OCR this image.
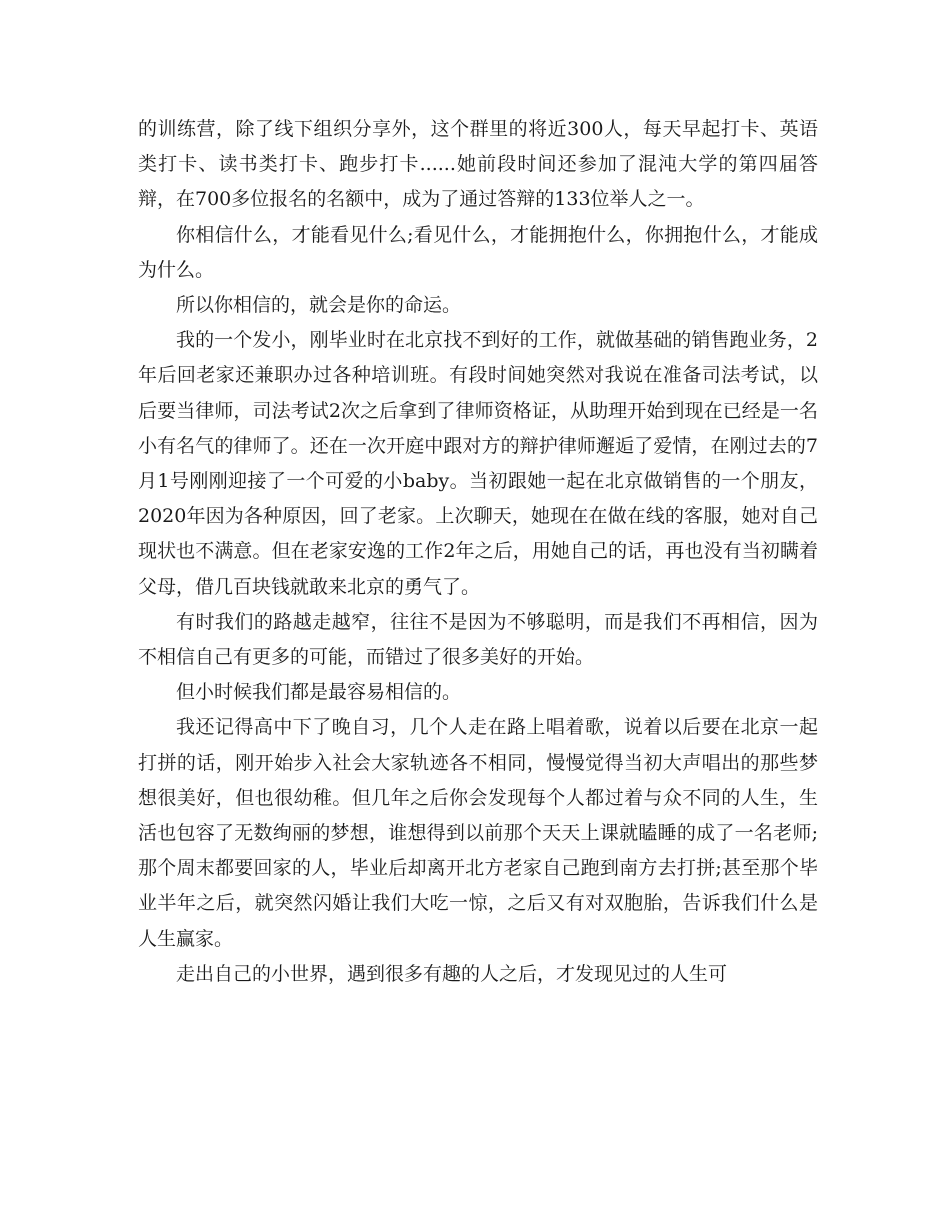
的训练营，除了线下组织分享外，这个群里的将近300人，每天早起打卡、英语类打卡、读书类打卡、跑步打卡......她前段时间还参加了混沌大学的第四届答辩，在700多位报名的名额中，成为了通过答辩的133位举人之一。

你相信什么，才能看见什么;看见什么，才能拥抱什么，你拥抱什么，才能成为什么。

所以你相信的，就会是你的命运。

我的一个发小，刚毕业时在北京找不到好的工作，就做基础的销售跑业务，2年后回老家还兼职办过各种培训班。有段时间她突然对我说在准备司法考试，以后要当律师，司法考试2次之后拿到了律师资格证，从助理开始到现在已经是一名小有名气的律师了。还在一次开庭中跟对方的辩护律师邂逅了爱情，在刚过去的7月1号刚刚迎接了一个可爱的小baby。当初跟她一起在北京做销售的一个朋友，2020年因为各种原因，回了老家。上次聊天，她现在在做在线的客服，她对自己现状也不满意。但在老家安逸的工作2年之后，用她自己的话，再也没有当初瞒着父母，借几百块钱就敢来北京的勇气了。

有时我们的路越走越窄，往往不是因为不够聪明，而是我们不再相信，因为不相信自己有更多的可能，而错过了很多美好的开始。

但小时候我们都是最容易相信的。

我还记得高中下了晚自习，几个人走在路上唱着歌，说着以后要在北京一起打拼的话，刚开始步入社会大家轨迹各不相同，慢慢觉得当初大声唱出的那些梦想很美好，但也很幼稚。但几年之后你会发现每个人都过着与众不同的人生，生活也包容了无数绚丽的梦想，谁想得到以前那个天天上课就瞌睡的成了一名老师;那个周末都要回家的人，毕业后却离开北方老家自己跑到南方去打拼;甚至那个毕业半年之后，就突然闪婚让我们大吃一惊，之后又有对双胞胎，告诉我们什么是人生赢家。

走出自己的小世界，遇到很多有趣的人之后，才发现见过的人生可
